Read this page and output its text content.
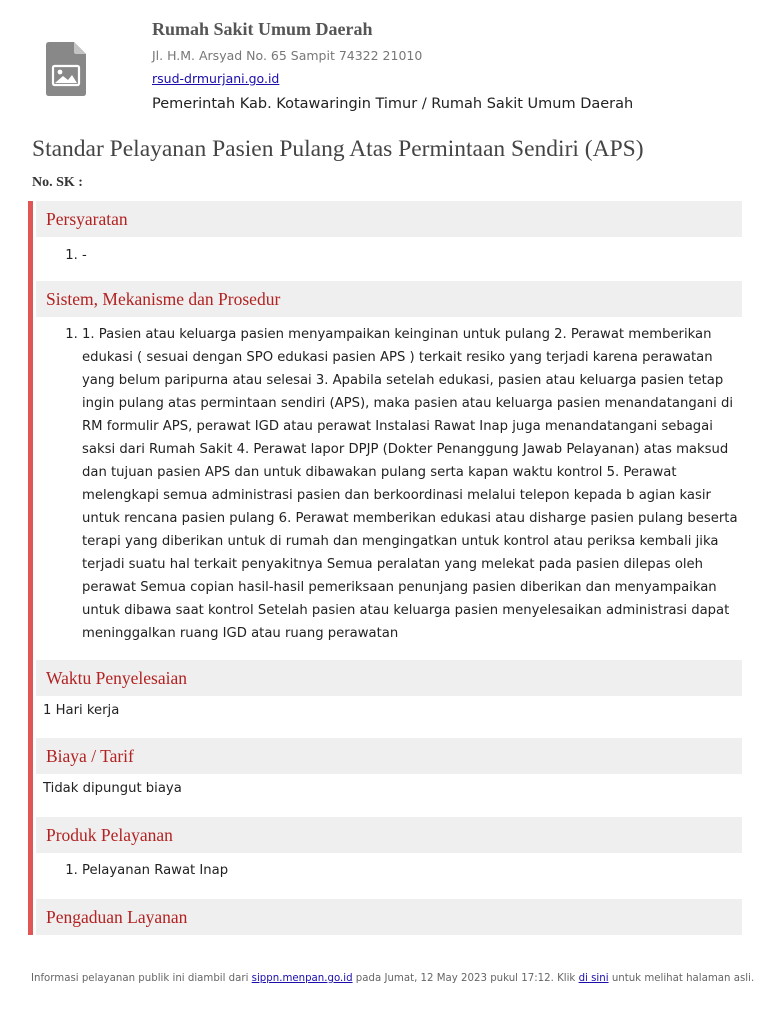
Rumah Sakit Umum Daerah
Jl. H.M. Arsyad No. 65 Sampit 74322 21010
rsud-drmurjani.go.id
Pemerintah Kab. Kotawaringin Timur / Rumah Sakit Umum Daerah
Standar Pelayanan Pasien Pulang Atas Permintaan Sendiri (APS)
No. SK :
Persyaratan
1. -
Sistem, Mekanisme dan Prosedur
1. 1. Pasien atau keluarga pasien menyampaikan keinginan untuk pulang 2. Perawat memberikan edukasi ( sesuai dengan SPO edukasi pasien APS ) terkait resiko yang terjadi karena perawatan yang belum paripurna atau selesai 3. Apabila setelah edukasi, pasien atau keluarga pasien tetap ingin pulang atas permintaan sendiri (APS), maka pasien atau keluarga pasien menandatangani di RM formulir APS, perawat IGD atau perawat Instalasi Rawat Inap juga menandatangani sebagai saksi dari Rumah Sakit 4. Perawat lapor DPJP (Dokter Penanggung Jawab Pelayanan) atas maksud dan tujuan pasien APS dan untuk dibawakan pulang serta kapan waktu kontrol 5. Perawat melengkapi semua administrasi pasien dan berkoordinasi melalui telepon kepada b agian kasir untuk rencana pasien pulang 6. Perawat memberikan edukasi atau disharge pasien pulang beserta terapi yang diberikan untuk di rumah dan mengingatkan untuk kontrol atau periksa kembali jika terjadi suatu hal terkait penyakitnya Semua peralatan yang melekat pada pasien dilepas oleh perawat Semua copian hasil-hasil pemeriksaan penunjang pasien diberikan dan menyampaikan untuk dibawa saat kontrol Setelah pasien atau keluarga pasien menyelesaikan administrasi dapat meninggalkan ruang IGD atau ruang perawatan
Waktu Penyelesaian
1 Hari kerja
Biaya / Tarif
Tidak dipungut biaya
Produk Pelayanan
1. Pelayanan Rawat Inap
Pengaduan Layanan
Informasi pelayanan publik ini diambil dari sippn.menpan.go.id pada Jumat, 12 May 2023 pukul 17:12. Klik di sini untuk melihat halaman asli.
